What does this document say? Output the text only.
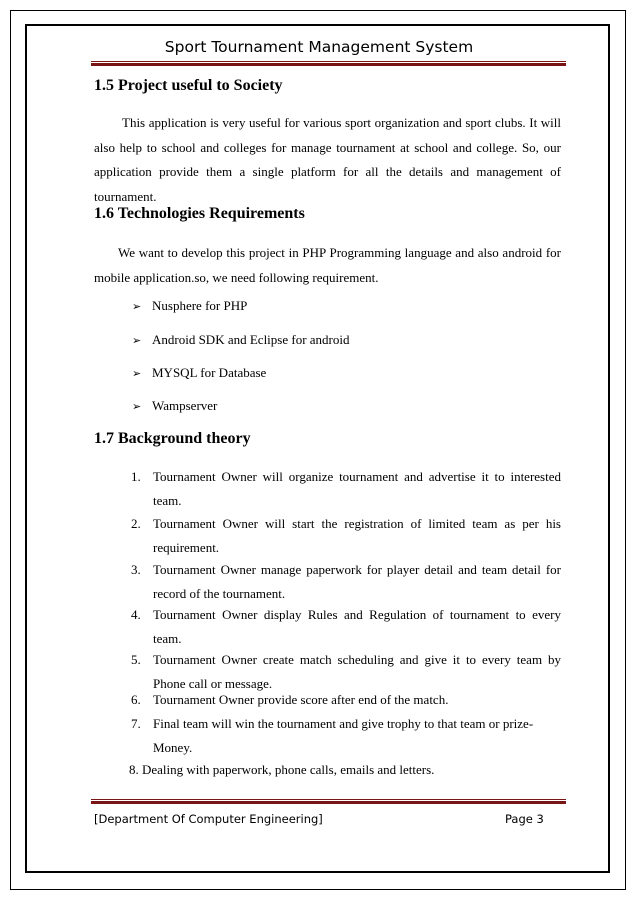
Sport Tournament Management System
1.5 Project useful to Society
This application is very useful for various sport organization and sport clubs. It will
also help to school and colleges for manage tournament at school and college. So, our
application provide them a single platform for all the details and management of
tournament.
1.6 Technologies Requirements
We want to develop this project in PHP Programming language and also android for
mobile application.so, we need following requirement.
➢ Nusphere for PHP
➢ Android SDK and Eclipse for android
➢ MYSQL for Database
➢ Wampserver
1.7 Background theory
1. Tournament Owner will organize tournament and advertise it to interested
team.
2. Tournament Owner will start the registration of limited team as per his
requirement.
3. Tournament Owner manage paperwork for player detail and team detail for
record of the tournament.
4. Tournament Owner display Rules and Regulation of tournament to every
team.
5. Tournament Owner create match scheduling and give it to every team by
Phone call or message.
6. Tournament Owner provide score after end of the match.
7. Final team will win the tournament and give trophy to that team or prize-
Money.
8. Dealing with paperwork, phone calls, emails and letters.
[Department Of Computer Engineering]	Page 3
